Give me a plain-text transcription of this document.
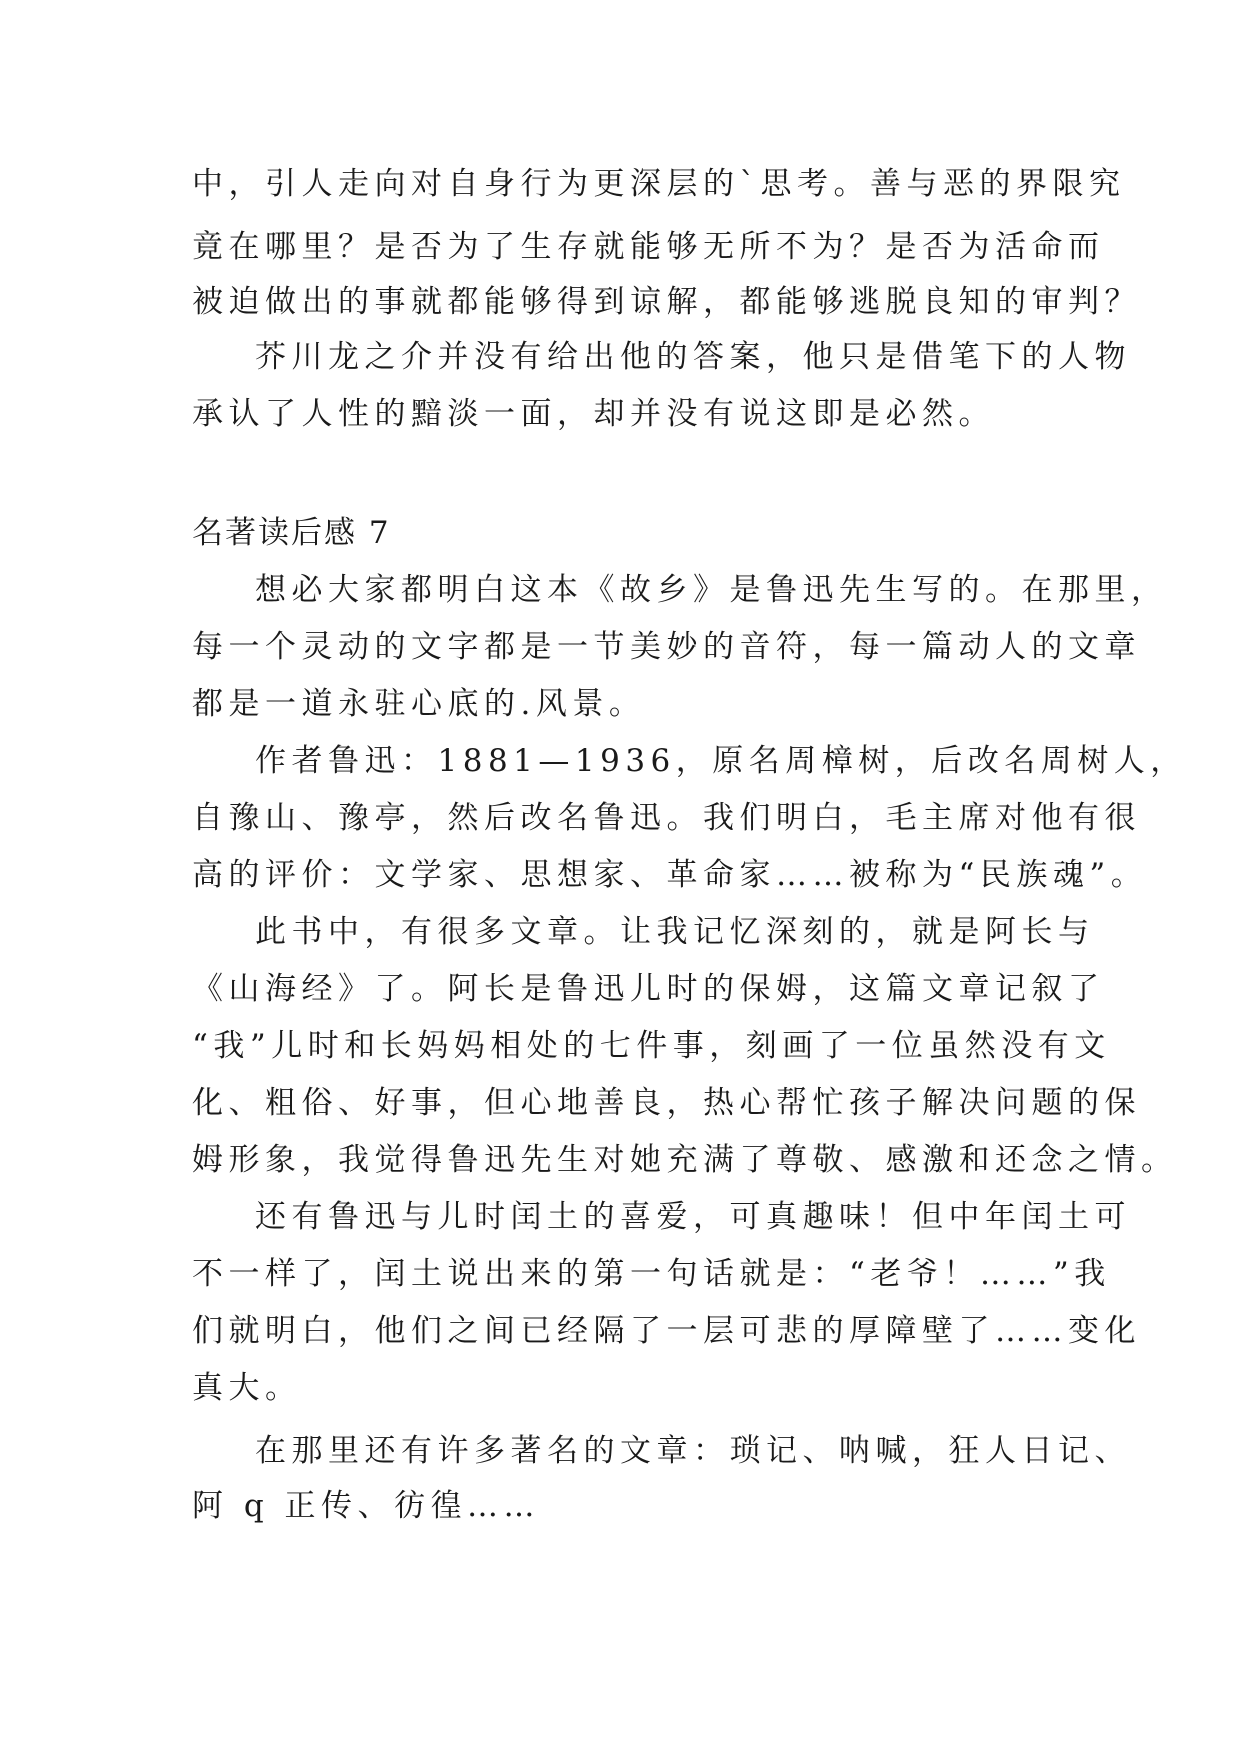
中，引人走向对自身行为更深层的`思考。善与恶的界限究
竟在哪里？是否为了生存就能够无所不为？是否为活命而
被迫做出的事就都能够得到谅解，都能够逃脱良知的审判？
芥川龙之介并没有给出他的答案，他只是借笔下的人物
承认了人性的黯淡一面，却并没有说这即是必然。
名著读后感 7
想必大家都明白这本《故乡》是鲁迅先生写的。在那里，
每一个灵动的文字都是一节美妙的音符，每一篇动人的文章
都是一道永驻心底的.风景。
作者鲁迅：1881—1936，原名周樟树，后改名周树人，
自豫山、豫亭，然后改名鲁迅。我们明白，毛主席对他有很
高的评价：文学家、思想家、革命家……被称为“民族魂”。
此书中，有很多文章。让我记忆深刻的，就是阿长与
《山海经》了。阿长是鲁迅儿时的保姆，这篇文章记叙了
“我”儿时和长妈妈相处的七件事，刻画了一位虽然没有文
化、粗俗、好事，但心地善良，热心帮忙孩子解决问题的保
姆形象，我觉得鲁迅先生对她充满了尊敬、感激和还念之情。
还有鲁迅与儿时闰土的喜爱，可真趣味！但中年闰土可
不一样了，闰土说出来的第一句话就是：“老爷！……”我
们就明白，他们之间已经隔了一层可悲的厚障壁了……变化
真大。
在那里还有许多著名的文章：琐记、呐喊，狂人日记、
阿 q 正传、彷徨……
